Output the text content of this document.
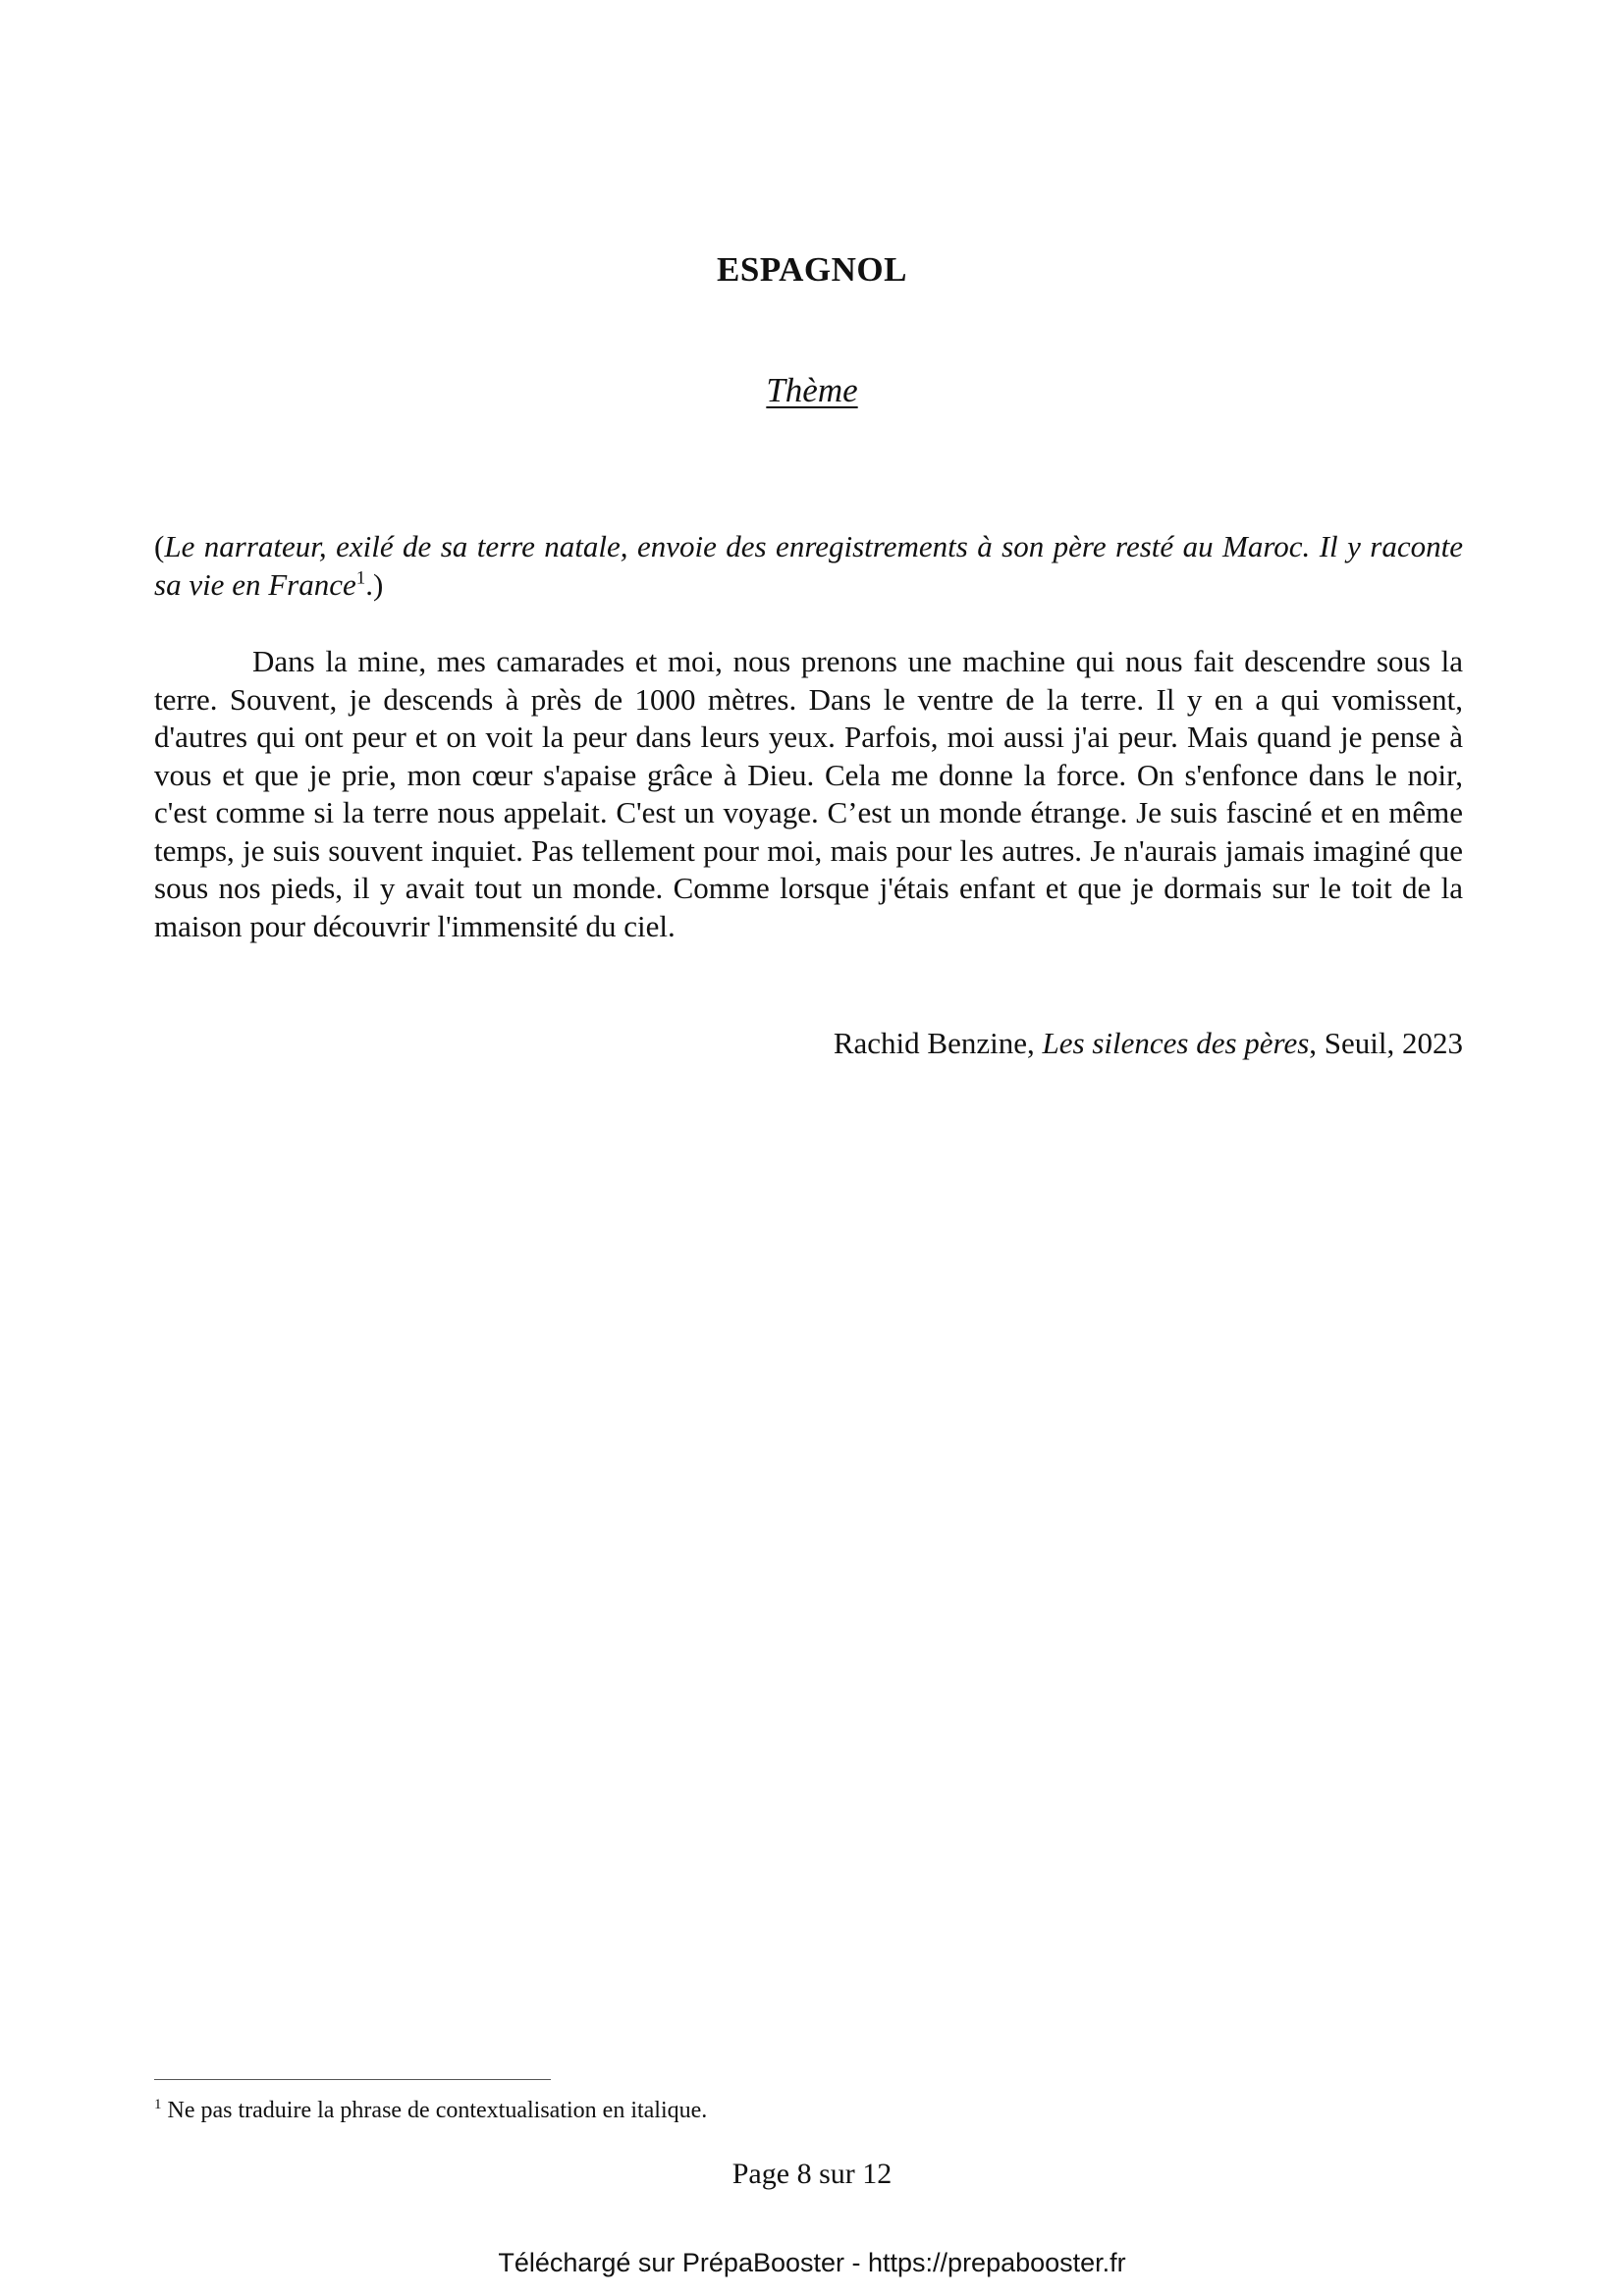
ESPAGNOL
Thème

(Le narrateur, exilé de sa terre natale, envoie des enregistrements à son père resté au Maroc. Il y raconte sa vie en France$^1$.)

Dans la mine, mes camarades et moi, nous prenons une machine qui nous fait descendre sous la terre. Souvent, je descends à près de 1000 mètres. Dans le ventre de la terre. Il y en a qui vomissent, d'autres qui ont peur et on voit la peur dans leurs yeux. Parfois, moi aussi j'ai peur. Mais quand je pense à vous et que je prie, mon cœur s'apaise grâce à Dieu. Cela me donne la force. On s'enfonce dans le noir, c'est comme si la terre nous appelait. C'est un voyage. C’est un monde étrange. Je suis fasciné et en même temps, je suis souvent inquiet. Pas tellement pour moi, mais pour les autres. Je n'aurais jamais imaginé que sous nos pieds, il y avait tout un monde. Comme lorsque j'étais enfant et que je dormais sur le toit de la maison pour découvrir l'immensité du ciel.

Rachid Benzine, Les silences des pères, Seuil, 2023
$^1$ Ne pas traduire la phrase de contextualisation en italique.
Page 8 sur 12
Téléchargé sur PrépaBooster - https://prepabooster.fr
